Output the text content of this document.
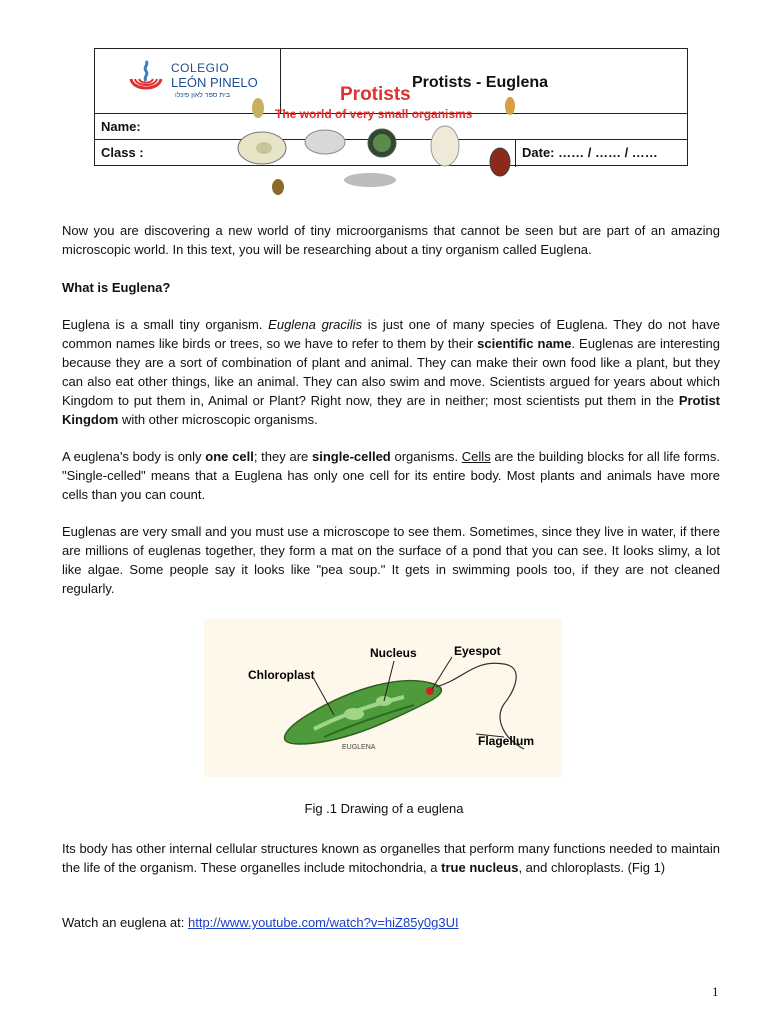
COLEGIO
LEÓN PINELO
בית ספר לאון פינלו
Name:
Class :	Date: …… / …… / ……
Protists - Euglena
Protists
The world of very small organisms
Now you are discovering a new world of tiny microorganisms that cannot be seen but are part of an amazing microscopic world. In this text, you will be researching about a tiny organism called Euglena.
What is Euglena?
Euglena is a small tiny organism. Euglena gracilis is just one of many species of Euglena. They do not have common names like birds or trees, so we have to refer to them by their scientific name. Euglenas are interesting because they are a sort of combination of plant and animal. They can make their own food like a plant, but they can also eat other things, like an animal. They can also swim and move. Scientists argued for years about which Kingdom to put them in, Animal or Plant? Right now, they are in neither; most scientists put them in the Protist Kingdom with other microscopic organisms.
A euglena's body is only one cell; they are single-celled organisms. Cells are the building blocks for all life forms. "Single-celled" means that a Euglena has only one cell for its entire body. Most plants and animals have more cells than you can count.
Euglenas are very small and you must use a microscope to see them. Sometimes, since they live in water, if there are millions of euglenas together, they form a mat on the surface of a pond that you can see. It looks slimy, a lot like algae. Some people say it looks like "pea soup." It gets in swimming pools too, if they are not cleaned regularly.
Chloroplast
Nucleus	Eyespot
Flagellum
EUGLENA
Fig .1 Drawing of a euglena
Its body has other internal cellular structures known as organelles that perform many functions needed to maintain the life of the organism. These organelles include mitochondria, a true nucleus, and chloroplasts. (Fig 1)
Watch an euglena at: http://www.youtube.com/watch?v=hiZ85y0g3UI
1
